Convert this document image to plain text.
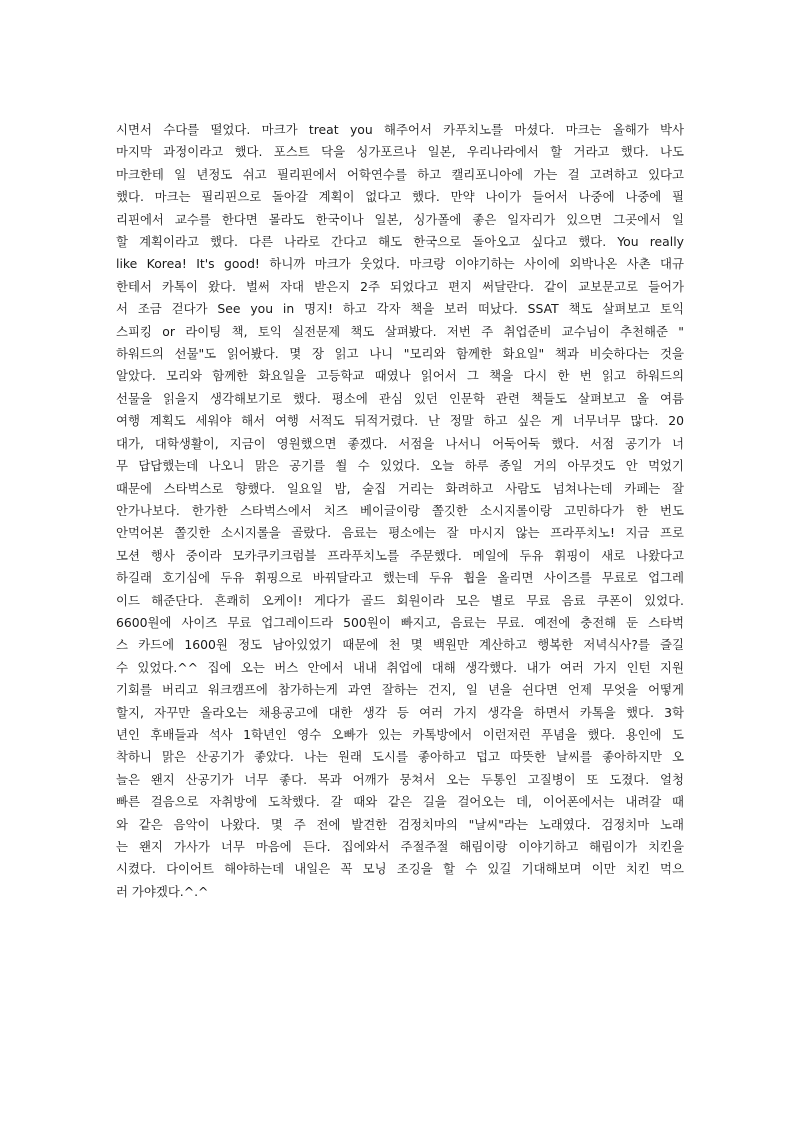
시면서 수다를 떨었다. 마크가 treat you 해주어서 카푸치노를 마셨다. 마크는 올해가 박사
마지막 과정이라고 했다. 포스트 닥을 싱가포르나 일본, 우리나라에서 할 거라고 했다. 나도
마크한테 일 년정도 쉬고 필리핀에서 어학연수를 하고 캘리포니아에 가는 걸 고려하고 있다고
했다. 마크는 필리핀으로 돌아갈 계획이 없다고 했다. 만약 나이가 들어서 나중에 나중에 필
리핀에서 교수를 한다면 몰라도 한국이나 일본, 싱가폴에 좋은 일자리가 있으면 그곳에서 일
할 계획이라고 했다. 다른 나라로 간다고 해도 한국으로 돌아오고 싶다고 했다. You really
like Korea! It's good! 하니까 마크가 웃었다. 마크랑 이야기하는 사이에 외박나온 사촌 대규
한테서 카톡이 왔다. 벌써 자대 받은지 2주 되었다고 편지 써달란다. 같이 교보문고로 들어가
서 조금 걷다가 See you in 명지! 하고 각자 책을 보러 떠났다. SSAT 책도 살펴보고 토익
스피킹 or 라이팅 책, 토익 실전문제 책도 살펴봤다. 저번 주 취업준비 교수님이 추천해준 "
하워드의 선물"도 읽어봤다. 몇 장 읽고 나니 "모리와 함께한 화요일" 책과 비슷하다는 것을
알았다. 모리와 함께한 화요일을 고등학교 때였나 읽어서 그 책을 다시 한 번 읽고 하워드의
선물을 읽을지 생각해보기로 했다. 평소에 관심 있던 인문학 관련 책들도 살펴보고 올 여름
여행 계획도 세워야 해서 여행 서적도 뒤적거렸다. 난 정말 하고 싶은 게 너무너무 많다. 20
대가, 대학생활이, 지금이 영원했으면 좋겠다. 서점을 나서니 어둑어둑 했다. 서점 공기가 너
무 답답했는데 나오니 맑은 공기를 쐴 수 있었다. 오늘 하루 종일 거의 아무것도 안 먹었기
때문에 스타벅스로 향했다. 일요일 밤, 술집 거리는 화려하고 사람도 넘쳐나는데 카페는 잘
안가나보다. 한가한 스타벅스에서 치즈 베이글이랑 쫄깃한 소시지롤이랑 고민하다가 한 번도
안먹어본 쫄깃한 소시지롤을 골랐다. 음료는 평소에는 잘 마시지 않는 프라푸치노! 지금 프로
모션 행사 중이라 모카쿠키크럼블 프라푸치노를 주문했다. 메일에 두유 휘핑이 새로 나왔다고
하길래 호기심에 두유 휘핑으로 바꿔달라고 했는데 두유 휩을 올리면 사이즈를 무료로 업그레
이드 해준단다. 흔쾌히 오케이! 게다가 골드 회원이라 모은 별로 무료 음료 쿠폰이 있었다.
6600원에 사이즈 무료 업그레이드라 500원이 빠지고, 음료는 무료. 예전에 충전해 둔 스타벅
스 카드에 1600원 정도 남아있었기 때문에 천 몇 백원만 계산하고 행복한 저녁식사?를 즐길
수 있었다.^^ 집에 오는 버스 안에서 내내 취업에 대해 생각했다. 내가 여러 가지 인턴 지원
기회를 버리고 워크캠프에 참가하는게 과연 잘하는 건지, 일 년을 쉰다면 언제 무엇을 어떻게
할지, 자꾸만 올라오는 채용공고에 대한 생각 등 여러 가지 생각을 하면서 카톡을 했다. 3학
년인 후배들과 석사 1학년인 영수 오빠가 있는 카톡방에서 이런저런 푸념을 했다. 용인에 도
착하니 맑은 산공기가 좋았다. 나는 원래 도시를 좋아하고 덥고 따뜻한 날씨를 좋아하지만 오
늘은 왠지 산공기가 너무 좋다. 목과 어깨가 뭉쳐서 오는 두통인 고질병이 또 도졌다. 얼청
빠른 걸음으로 자취방에 도착했다. 갈 때와 같은 길을 걸어오는 데, 이어폰에서는 내려갈 때
와 같은 음악이 나왔다. 몇 주 전에 발견한 검정치마의 "날씨"라는 노래였다. 검정치마 노래
는 왠지 가사가 너무 마음에 든다. 집에와서 주절주절 해림이랑 이야기하고 해림이가 치킨을
시켰다. 다이어트 해야하는데 내일은 꼭 모닝 조깅을 할 수 있길 기대해보며 이만 치킨 먹으
러 가야겠다.^.^
